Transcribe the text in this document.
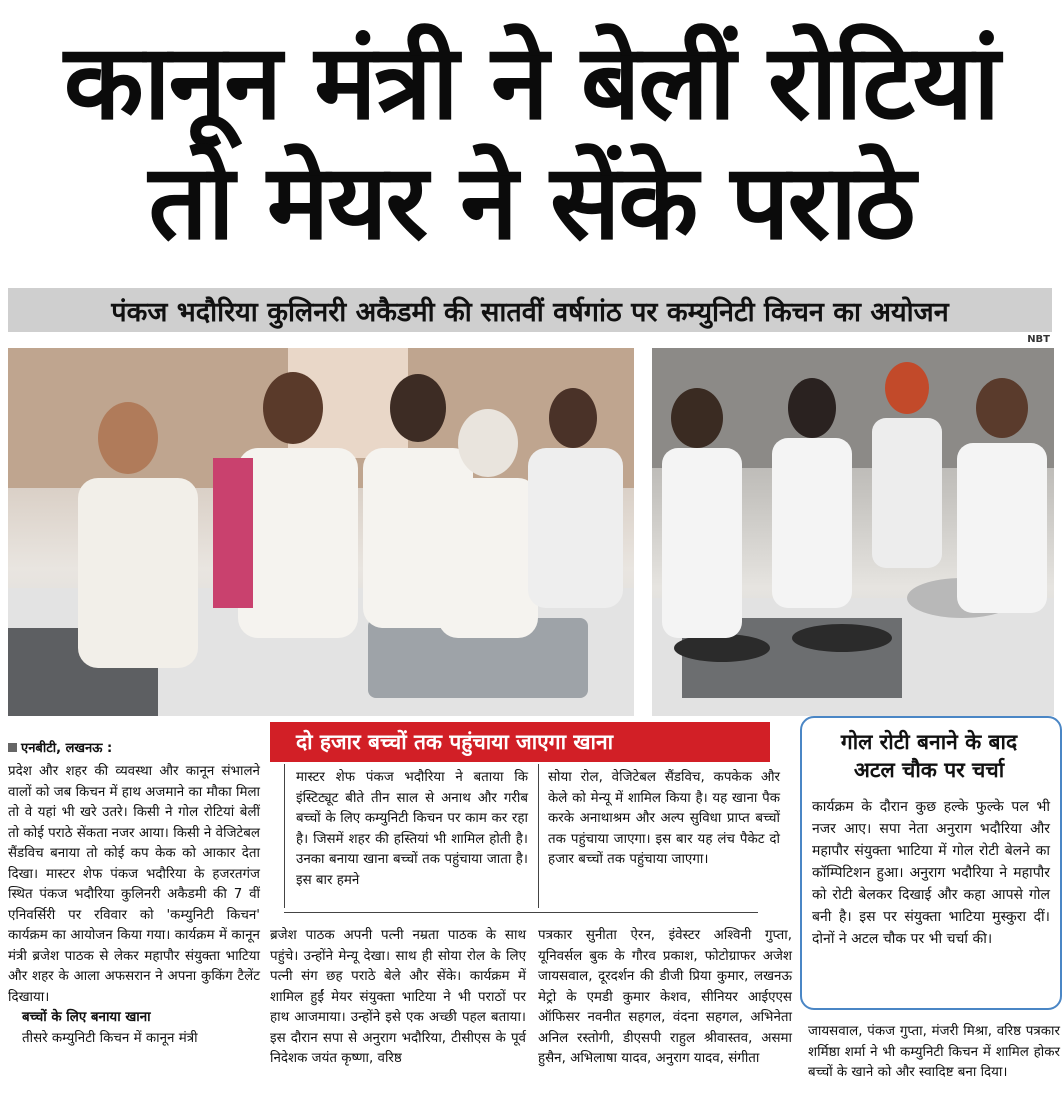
कानून मंत्री ने बेलीं रोटियां
तो मेयर ने सेंके पराठे
पंकज भदौरिया कुलिनरी अकैडमी की सातवीं वर्षगांठ पर कम्युनिटी किचन का अयोजन
NBT
एनबीटी, लखनऊ :	दो हजार बच्चों तक पहुंचाया जाएगा खाना	गोल रोटी बनाने के बाद
अटल चौक पर चर्चा
कार्यक्रम के दौरान कुछ हल्के फुल्के पल भी नजर आए। सपा नेता अनुराग भदौरिया और महापौर संयुक्ता भाटिया में गोल रोटी बेलने का कॉम्पिटिशन हुआ। अनुराग भदौरिया ने महापौर को रोटी बेलकर दिखाई और कहा आपसे गोल बनी है। इस पर संयुक्ता भाटिया मुस्कुरा दीं। दोनों ने अटल चौक पर भी चर्चा की।

प्रदेश और शहर की व्यवस्था और कानून संभालने वालों को जब किचन में हाथ अजमाने का मौका मिला तो वे यहां भी खरे उतरे। किसी ने गोल रोटियां बेलीं तो कोई पराठे सेंकता नजर आया। किसी ने वेजिटेबल सैंडविच बनाया तो कोई कप केक को आकार देता दिखा। मास्टर शेफ पंकज भदौरिया के हजरतगंज स्थित पंकज भदौरिया कुलिनरी अकैडमी की 7 वीं एनिवर्सिरी पर रविवार को 'कम्युनिटी किचन' कार्यक्रम का आयोजन किया गया। कार्यक्रम में कानून मंत्री ब्रजेश पाठक से लेकर महापौर संयुक्ता भाटिया और शहर के आला अफसरान ने अपना कुकिंग टैलेंट दिखाया।

बच्चों के लिए बनाया खाना

तीसरे कम्युनिटी किचन में कानून मंत्री

मास्टर शेफ पंकज भदौरिया ने बताया कि इंस्टिट्यूट बीते तीन साल से अनाथ और गरीब बच्चों के लिए कम्युनिटी किचन पर काम कर रहा है। जिसमें शहर की हस्तियां भी शामिल होती है। उनका बनाया खाना बच्चों तक पहुंचाया जाता है। इस बार हमने
सोया रोल, वेजिटेबल सैंडविच, कपकेक और केले को मेन्यू में शामिल किया है। यह खाना पैक करके अनाथाश्रम और अल्प सुविधा प्राप्त बच्चों तक पहुंचाया जाएगा। इस बार यह लंच पैकेट दो हजार बच्चों तक पहुंचाया जाएगा।
ब्रजेश पाठक अपनी पत्नी नम्रता पाठक के साथ पहुंचे। उन्होंने मेन्यू देखा। साथ ही सोया रोल के लिए पत्नी संग छह पराठे बेले और सेंके। कार्यक्रम में शामिल हुईं मेयर संयुक्ता भाटिया ने भी पराठों पर हाथ आजमाया। उन्होंने इसे एक अच्छी पहल बताया। इस दौरान सपा से अनुराग भदौरिया, टीसीएस के पूर्व निदेशक जयंत कृष्णा, वरिष्ठ
पत्रकार सुनीता ऐरन, इंवेस्टर अश्विनी गुप्ता, यूनिवर्सल बुक के गौरव प्रकाश, फोटोग्राफर अजेश जायसवाल, दूरदर्शन की डीजी प्रिया कुमार, लखनऊ मेट्रो के एमडी कुमार केशव, सीनियर आईएएस ऑफिसर नवनीत सहगल, वंदना सहगल, अभिनेता अनिल रस्तोगी, डीएसपी राहुल श्रीवास्तव, असमा हुसैन, अभिलाषा यादव, अनुराग यादव, संगीता
जायसवाल, पंकज गुप्ता, मंजरी मिश्रा, वरिष्ठ पत्रकार शर्मिष्ठा शर्मा ने भी कम्युनिटी किचन में शामिल होकर बच्चों के खाने को और स्वादिष्ट बना दिया।
